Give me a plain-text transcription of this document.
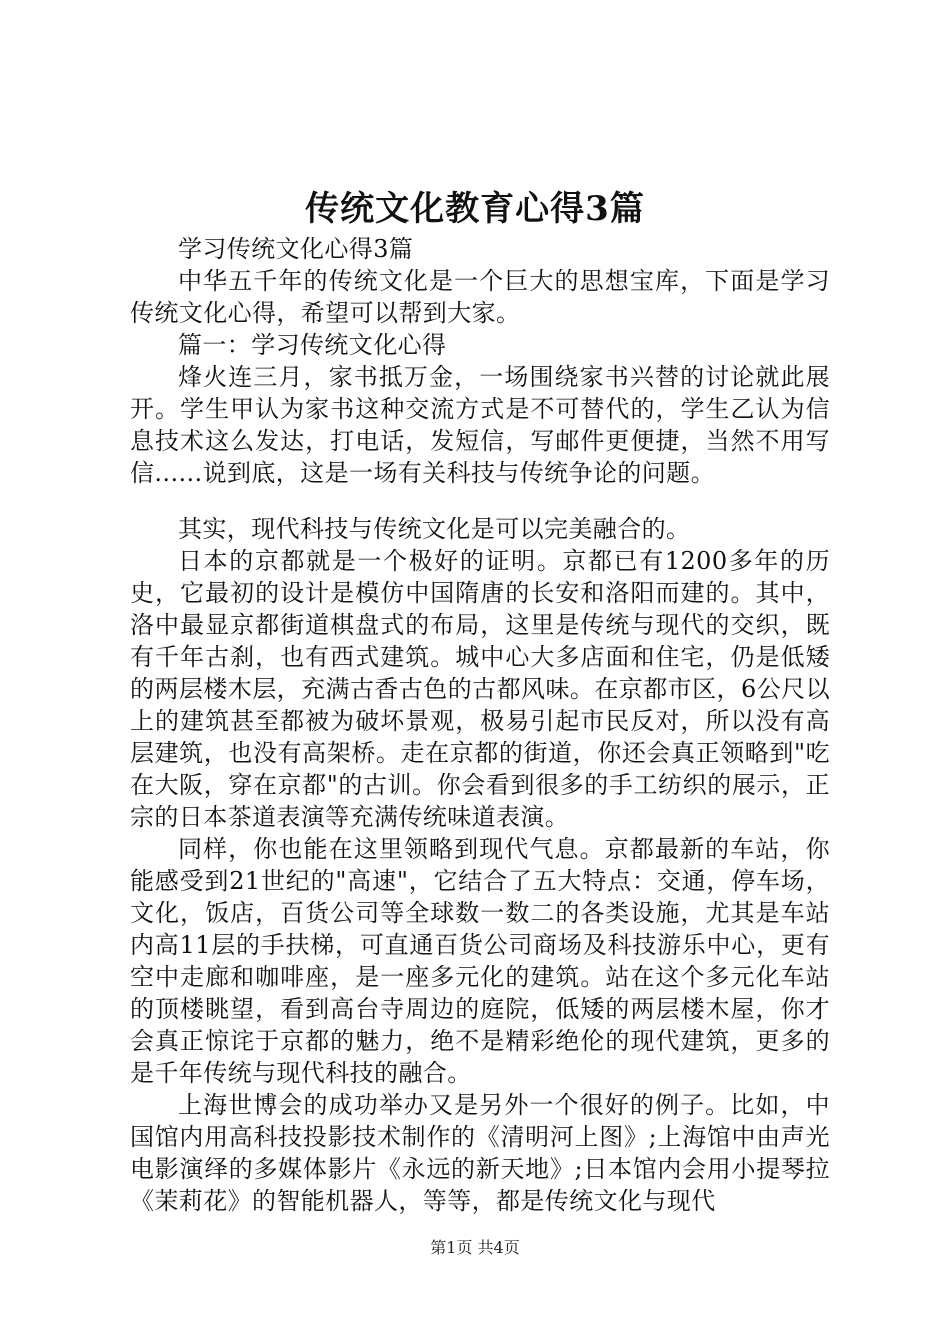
传统文化教育心得3篇

学习传统文化心得3篇

中华五千年的传统文化是一个巨大的思想宝库，下面是学习传统文化心得，希望可以帮到大家。

篇一：学习传统文化心得

烽火连三月，家书抵万金，一场围绕家书兴替的讨论就此展开。学生甲认为家书这种交流方式是不可替代的，学生乙认为信息技术这么发达，打电话，发短信，写邮件更便捷，当然不用写信......说到底，这是一场有关科技与传统争论的问题。

其实，现代科技与传统文化是可以完美融合的。

日本的京都就是一个极好的证明。京都已有1200多年的历史，它最初的设计是模仿中国隋唐的长安和洛阳而建的。其中，洛中最显京都街道棋盘式的布局，这里是传统与现代的交织，既有千年古刹，也有西式建筑。城中心大多店面和住宅，仍是低矮的两层楼木层，充满古香古色的古都风味。在京都市区，6公尺以上的建筑甚至都被为破坏景观，极易引起市民反对，所以没有高层建筑，也没有高架桥。走在京都的街道，你还会真正领略到"吃在大阪，穿在京都"的古训。你会看到很多的手工纺织的展示，正宗的日本茶道表演等充满传统味道表演。

同样，你也能在这里领略到现代气息。京都最新的车站，你能感受到21世纪的"高速"，它结合了五大特点：交通，停车场，文化，饭店，百货公司等全球数一数二的各类设施，尤其是车站内高11层的手扶梯，可直通百货公司商场及科技游乐中心，更有空中走廊和咖啡座，是一座多元化的建筑。站在这个多元化车站的顶楼眺望，看到高台寺周边的庭院，低矮的两层楼木屋，你才会真正惊诧于京都的魅力，绝不是精彩绝伦的现代建筑，更多的是千年传统与现代科技的融合。

上海世博会的成功举办又是另外一个很好的例子。比如，中国馆内用高科技投影技术制作的《清明河上图》;上海馆中由声光电影演绎的多媒体影片《永远的新天地》;日本馆内会用小提琴拉《茉莉花》的智能机器人，等等，都是传统文化与现代

第1页 共4页
